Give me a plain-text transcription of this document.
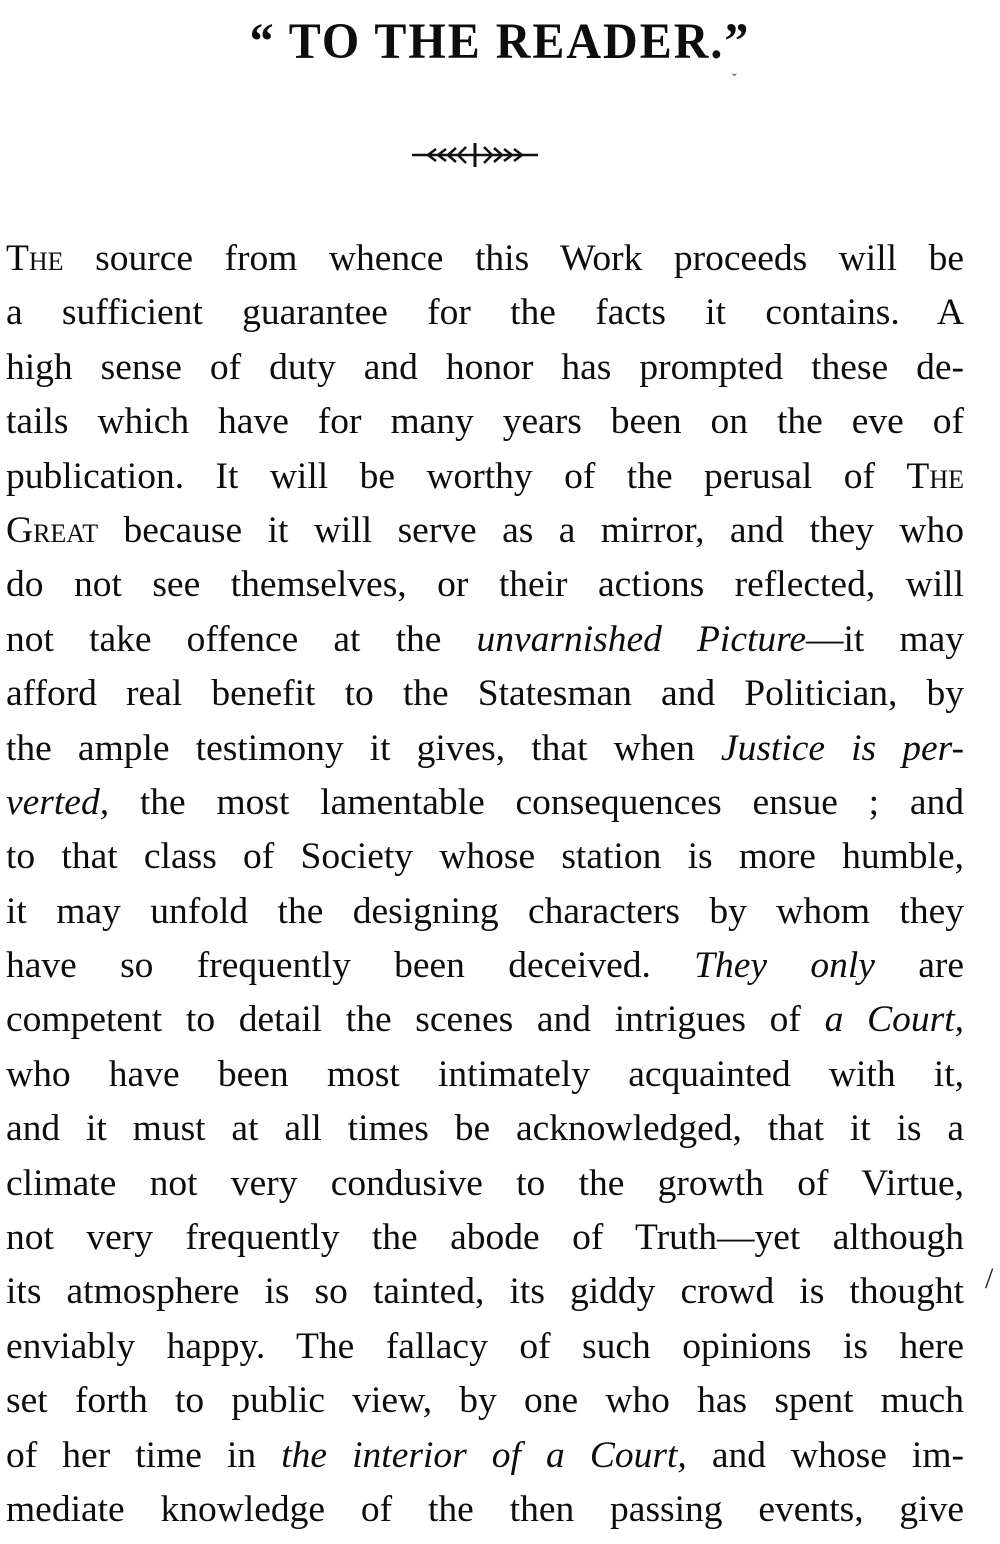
“ TO THE READER.”
The source from whence this Work proceeds will be
a sufficient guarantee for the facts it contains. A
high sense of duty and honor has prompted these de-
tails which have for many years been on the eve of
publication. It will be worthy of the perusal of The
Great because it will serve as a mirror, and they who
do not see themselves, or their actions reflected, will
not take offence at the unvarnished Picture—it may
afford real benefit to the Statesman and Politician, by
the ample testimony it gives, that when Justice is per-
verted, the most lamentable consequences ensue ; and
to that class of Society whose station is more humble,
it may unfold the designing characters by whom they
have so frequently been deceived. They only are
competent to detail the scenes and intrigues of a Court,
who have been most intimately acquainted with it,
and it must at all times be acknowledged, that it is a
climate not very condusive to the growth of Virtue,
not very frequently the abode of Truth—yet although
its atmosphere is so tainted, its giddy crowd is thought
enviably happy. The fallacy of such opinions is here
set forth to public view, by one who has spent much
of her time in the interior of a Court, and whose im-
mediate knowledge of the then passing events, give
ˇ
/
